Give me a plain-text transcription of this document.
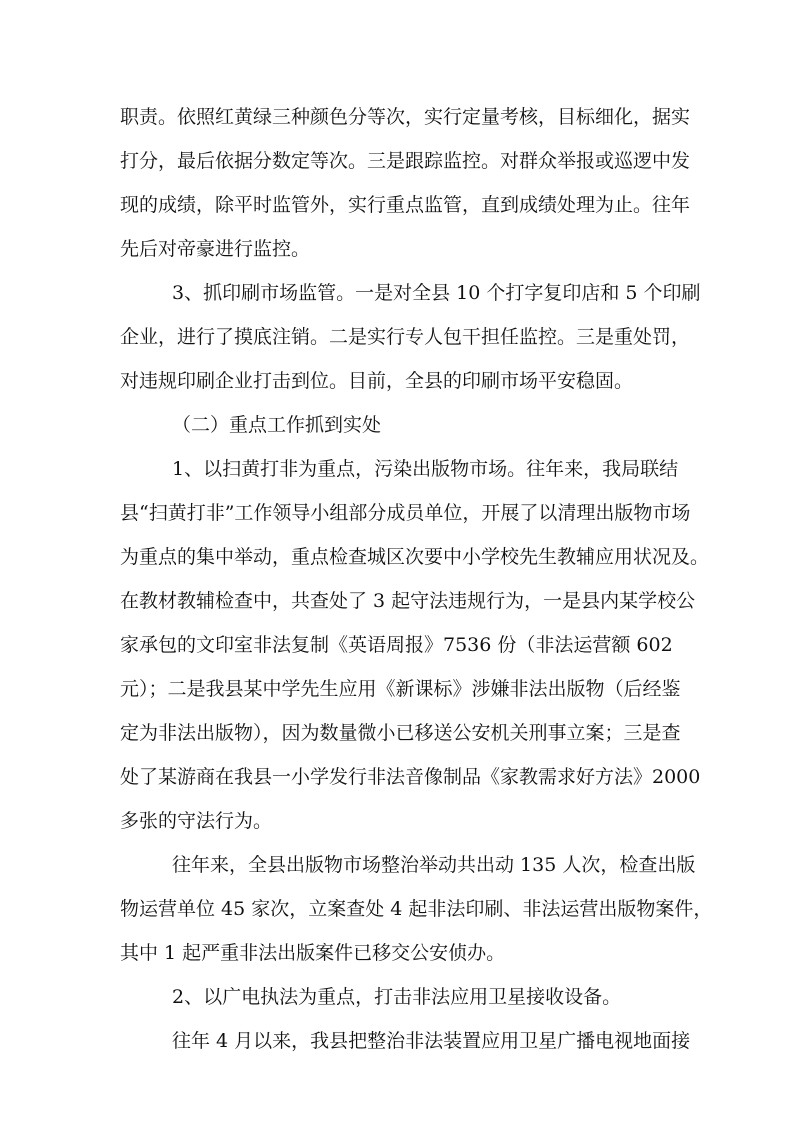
职责。依照红黄绿三种颜色分等次，实行定量考核，目标细化，据实
打分，最后依据分数定等次。三是跟踪监控。对群众举报或巡逻中发
现的成绩，除平时监管外，实行重点监管，直到成绩处理为止。往年
先后对帝豪进行监控。
3、抓印刷市场监管。一是对全县 10 个打字复印店和 5 个印刷
企业，进行了摸底注销。二是实行专人包干担任监控。三是重处罚，
对违规印刷企业打击到位。目前，全县的印刷市场平安稳固。
（二）重点工作抓到实处
1、以扫黄打非为重点，污染出版物市场。往年来，我局联结
县“扫黄打非”工作领导小组部分成员单位，开展了以清理出版物市场
为重点的集中举动，重点检查城区次要中小学校先生教辅应用状况及。
在教材教辅检查中，共查处了 3 起守法违规行为，一是县内某学校公
家承包的文印室非法复制《英语周报》7536 份（非法运营额 602
元）；二是我县某中学先生应用《新课标》涉嫌非法出版物（后经鉴
定为非法出版物），因为数量微小已移送公安机关刑事立案；三是查
处了某游商在我县一小学发行非法音像制品《家教需求好方法》2000
多张的守法行为。
往年来，全县出版物市场整治举动共出动 135 人次，检查出版
物运营单位 45 家次，立案查处 4 起非法印刷、非法运营出版物案件，
其中 1 起严重非法出版案件已移交公安侦办。
2、以广电执法为重点，打击非法应用卫星接收设备。
往年 4 月以来，我县把整治非法装置应用卫星广播电视地面接
